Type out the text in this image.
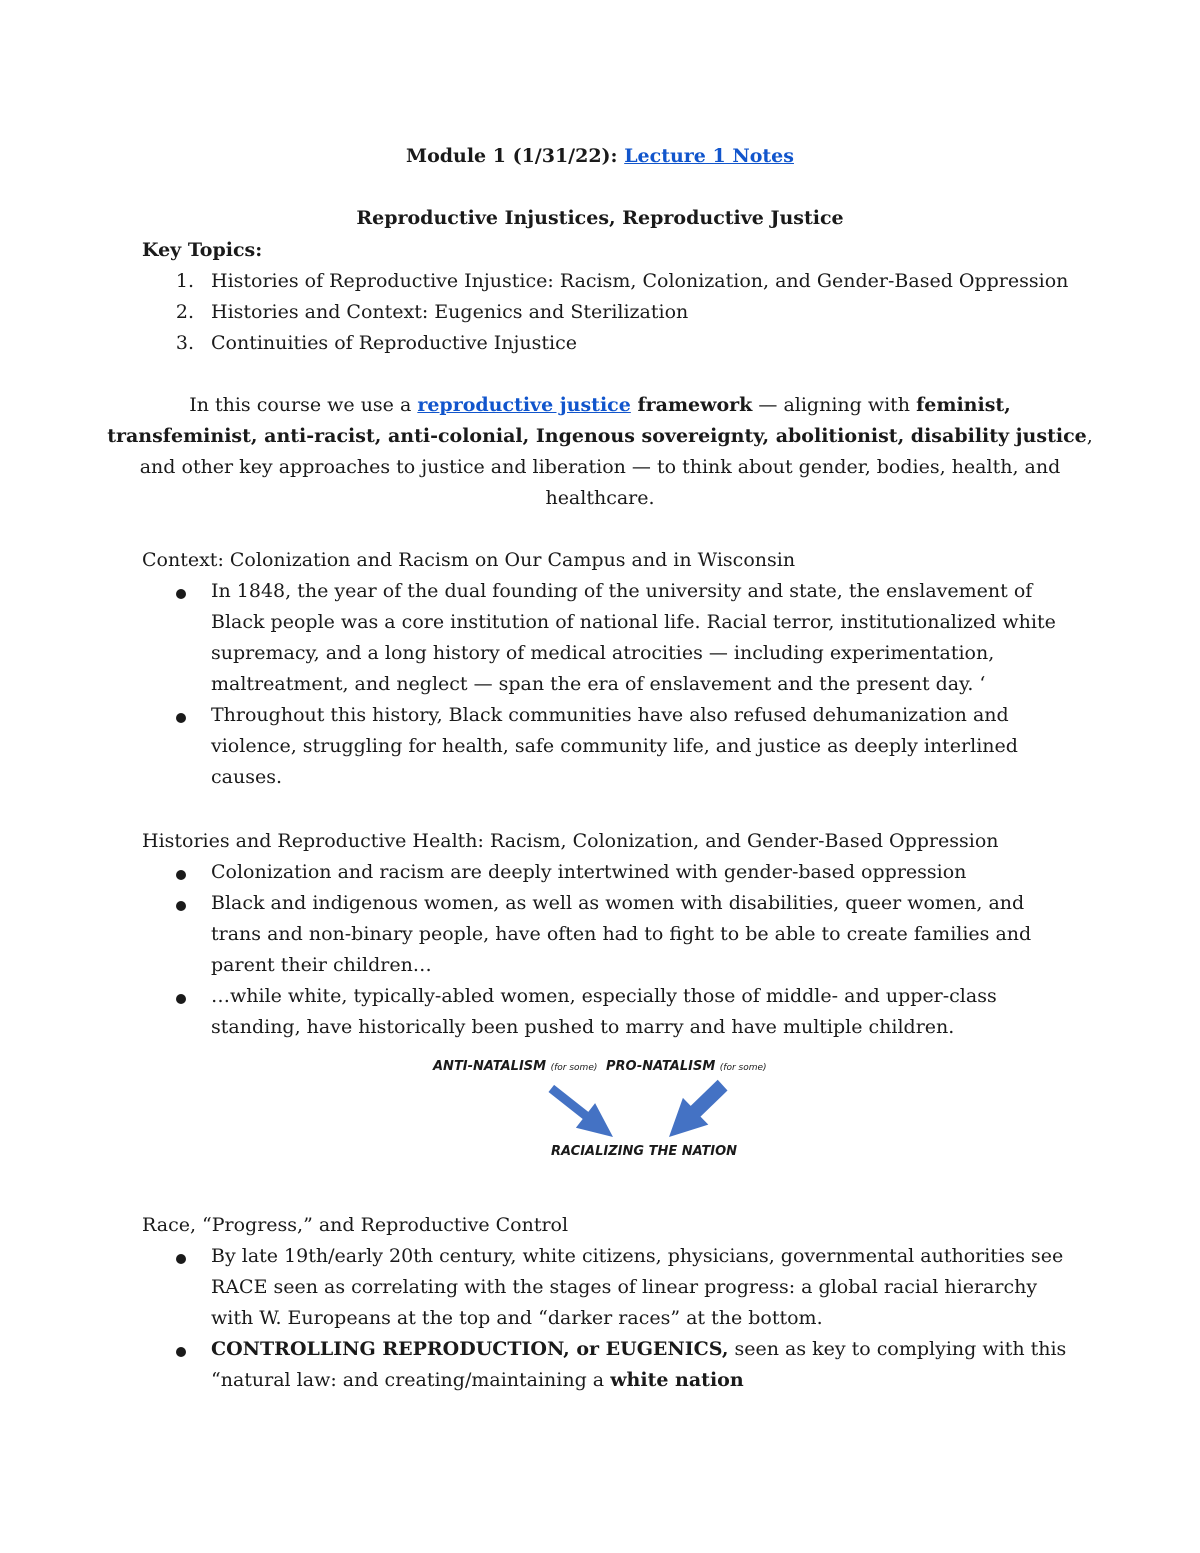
Module 1 (1/31/22): Lecture 1 Notes
Reproductive Injustices, Reproductive Justice
Key Topics:
1. Histories of Reproductive Injustice: Racism, Colonization, and Gender-Based Oppression
2. Histories and Context: Eugenics and Sterilization
3. Continuities of Reproductive Injustice
In this course we use a reproductive justice framework — aligning with feminist,
transfeminist, anti-racist, anti-colonial, Ingenous sovereignty, abolitionist, disability justice,
and other key approaches to justice and liberation — to think about gender, bodies, health, and
healthcare.
Context: Colonization and Racism on Our Campus and in Wisconsin
In 1848, the year of the dual founding of the university and state, the enslavement of Black people was a core institution of national life. Racial terror, institutionalized white supremacy, and a long history of medical atrocities — including experimentation, maltreatment, and neglect — span the era of enslavement and the present day. ‘
Throughout this history, Black communities have also refused dehumanization and violence, struggling for health, safe community life, and justice as deeply interlined causes.
Histories and Reproductive Health: Racism, Colonization, and Gender-Based Oppression
Colonization and racism are deeply intertwined with gender-based oppression
Black and indigenous women, as well as women with disabilities, queer women, and trans and non-binary people, have often had to fight to be able to create families and parent their children…
…while white, typically-abled women, especially those of middle- and upper-class standing, have historically been pushed to marry and have multiple children.
ANTI-NATALISM (for some) PRO-NATALISM (for some)
RACIALIZING THE NATION
Race, “Progress,” and Reproductive Control
By late 19th/early 20th century, white citizens, physicians, governmental authorities see RACE seen as correlating with the stages of linear progress: a global racial hierarchy with W. Europeans at the top and “darker races” at the bottom.
CONTROLLING REPRODUCTION, or EUGENICS, seen as key to complying with this “natural law: and creating/maintaining a white nation
